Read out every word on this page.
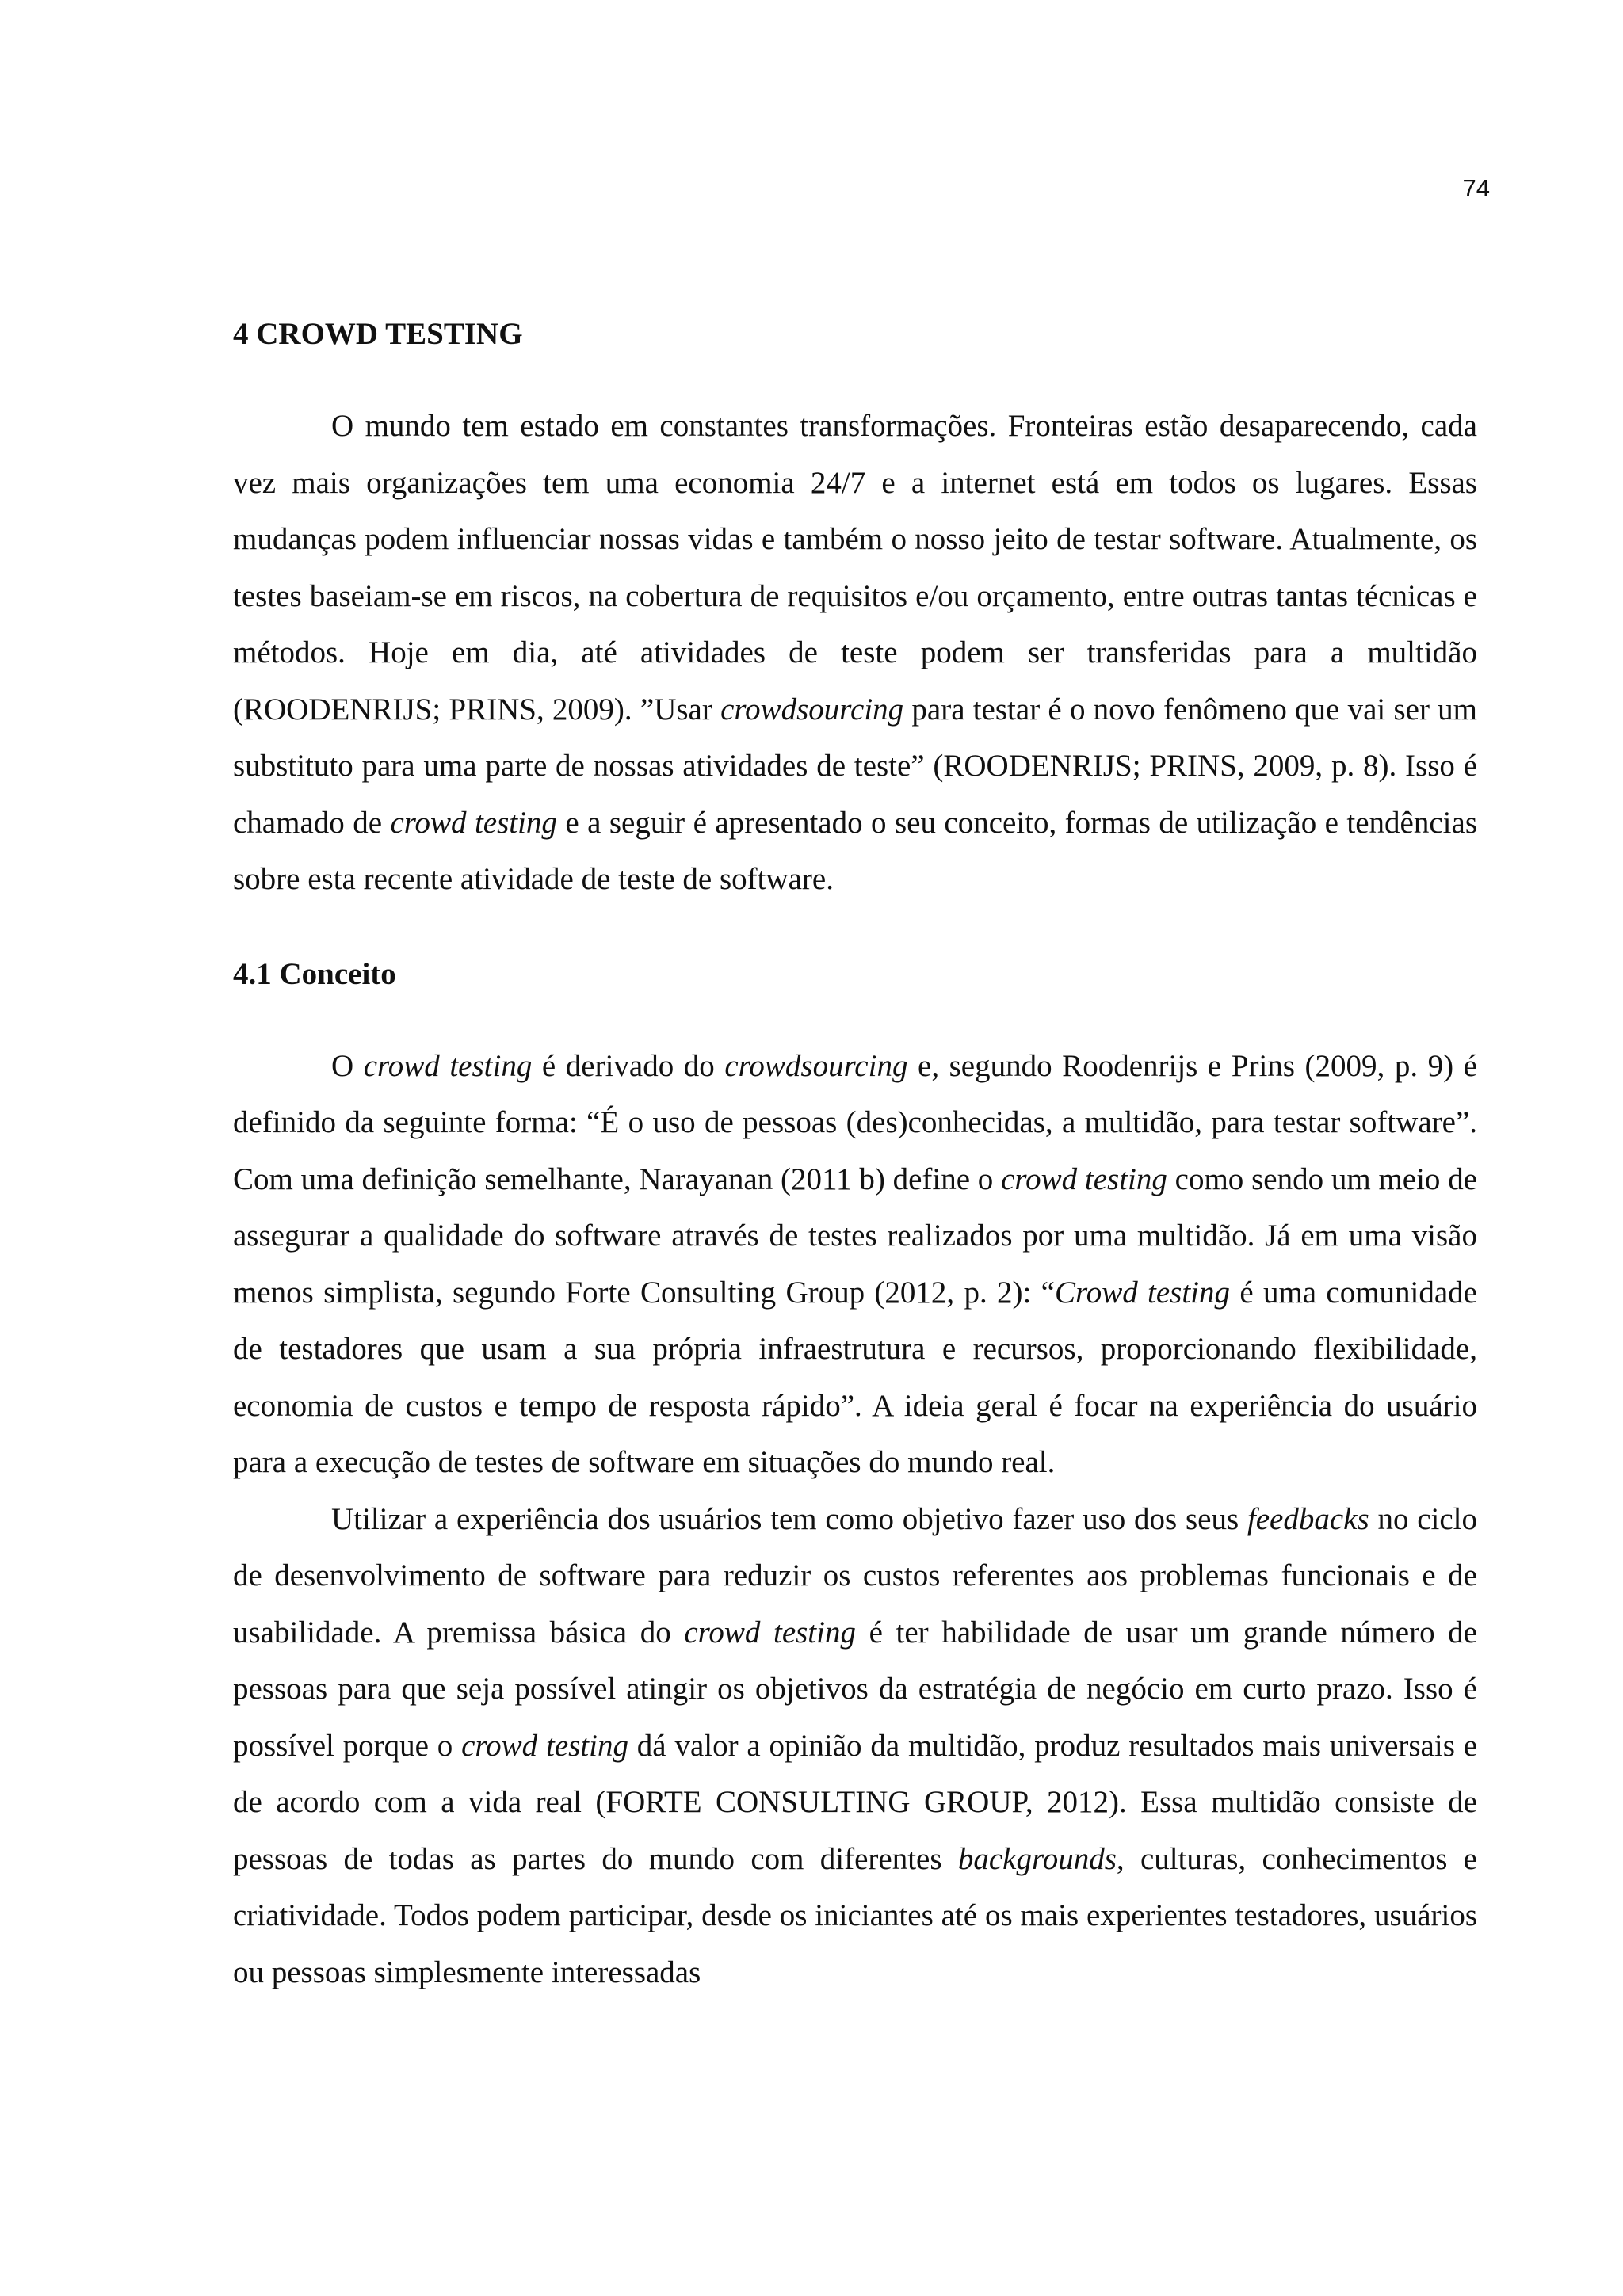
74
4 CROWD TESTING

O mundo tem estado em constantes transformações. Fronteiras estão desaparecendo, cada vez mais organizações tem uma economia 24/7 e a internet está em todos os lugares. Essas mudanças podem influenciar nossas vidas e também o nosso jeito de testar software. Atualmente, os testes baseiam-se em riscos, na cobertura de requisitos e/ou orçamento, entre outras tantas técnicas e métodos. Hoje em dia, até atividades de teste podem ser transferidas para a multidão (ROODENRIJS; PRINS, 2009). ”Usar crowdsourcing para testar é o novo fenômeno que vai ser um substituto para uma parte de nossas atividades de teste” (ROODENRIJS; PRINS, 2009, p. 8). Isso é chamado de crowd testing e a seguir é apresentado o seu conceito, formas de utilização e tendências sobre esta recente atividade de teste de software.

4.1 Conceito

O crowd testing é derivado do crowdsourcing e, segundo Roodenrijs e Prins (2009, p. 9) é definido da seguinte forma: “É o uso de pessoas (des)conhecidas, a multidão, para testar software”. Com uma definição semelhante, Narayanan (2011 b) define o crowd testing como sendo um meio de assegurar a qualidade do software através de testes realizados por uma multidão. Já em uma visão menos simplista, segundo Forte Consulting Group (2012, p. 2): “Crowd testing é uma comunidade de testadores que usam a sua própria infraestrutura e recursos, proporcionando flexibilidade, economia de custos e tempo de resposta rápido”. A ideia geral é focar na experiência do usuário para a execução de testes de software em situações do mundo real.

Utilizar a experiência dos usuários tem como objetivo fazer uso dos seus feedbacks no ciclo de desenvolvimento de software para reduzir os custos referentes aos problemas funcionais e de usabilidade. A premissa básica do crowd testing é ter habilidade de usar um grande número de pessoas para que seja possível atingir os objetivos da estratégia de negócio em curto prazo. Isso é possível porque o crowd testing dá valor a opinião da multidão, produz resultados mais universais e de acordo com a vida real (FORTE CONSULTING GROUP, 2012). Essa multidão consiste de pessoas de todas as partes do mundo com diferentes backgrounds, culturas, conhecimentos e criatividade. Todos podem participar, desde os iniciantes até os mais experientes testadores, usuários ou pessoas simplesmente interessadas
